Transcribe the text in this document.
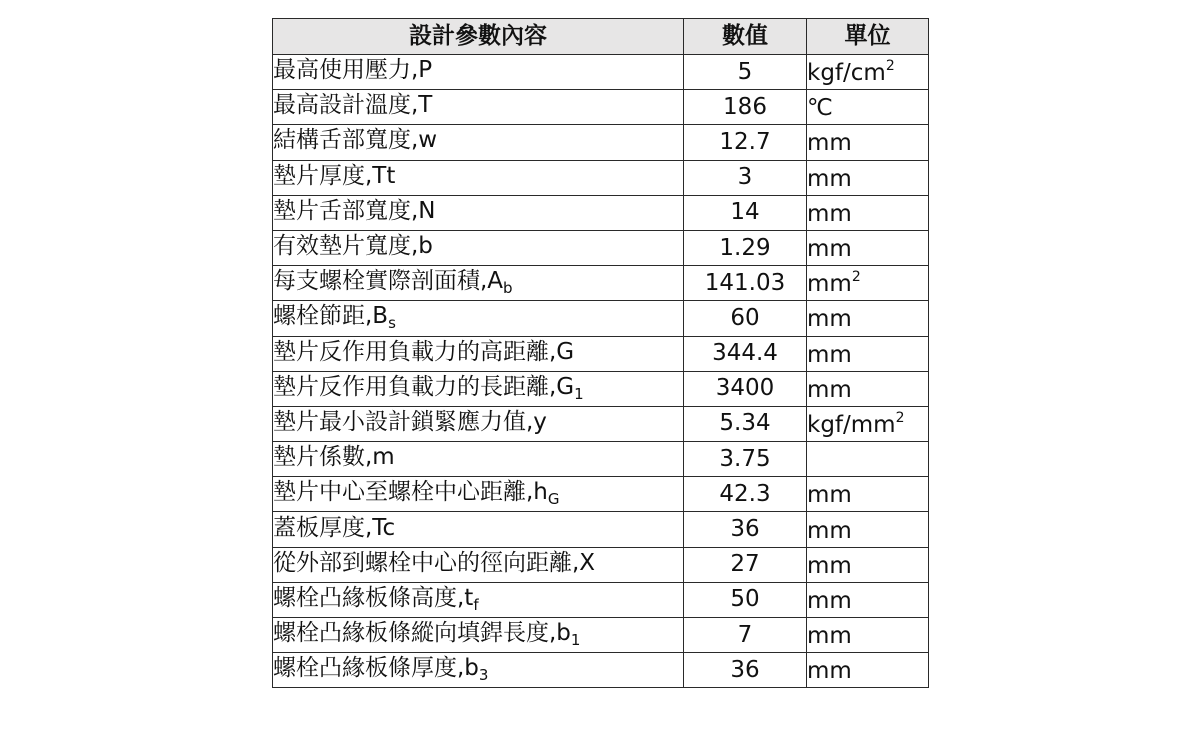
設計參數內容	數值	單位
最高使用壓力,P	5	kgf/$cm^2$
最高設計溫度,T	186	℃
結構舌部寬度,w	12.7	mm
墊片厚度,Tt	3	mm
墊片舌部寬度,N	14	mm
有效墊片寬度,b	1.29	mm
每支螺栓實際剖面積$,A_b$	141.03	$mm^2$
螺栓節距$,B_s$	60	mm
墊片反作用負載力的高距離,G	344.4	mm
墊片反作用負載力的長距離$,G_1$	3400	mm
墊片最小設計鎖緊應力值,y	5.34	kgf/$mm^2$
墊片係數,m	3.75	
墊片中心至螺栓中心距離$,h_G$	42.3	mm
蓋板厚度,Tc	36	mm
從外部到螺栓中心的徑向距離,X	27	mm
螺栓凸緣板條高度$,t_f$	50	mm
螺栓凸緣板條縱向填銲長度$,b_1$	7	mm
螺栓凸緣板條厚度$,b_3$	36	mm
